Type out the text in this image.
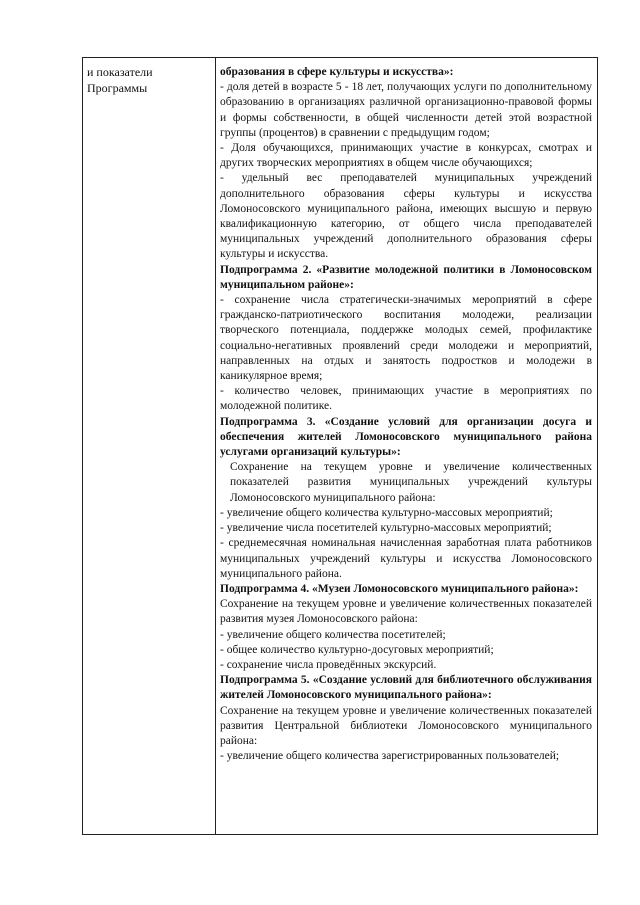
и показатели Программы

образования в сфере культуры и искусства»:

- доля детей в возрасте 5 - 18 лет, получающих услуги по дополнительному образованию в организациях различной организационно-правовой формы и формы собственности, в общей численности детей этой возрастной группы (процентов) в сравнении с предыдущим годом;

- Доля обучающихся, принимающих участие в конкурсах, смотрах и других творческих мероприятиях в общем числе обучающихся;

- удельный вес преподавателей муниципальных учреждений дополнительного образования сферы культуры и искусства Ломоносовского муниципального района, имеющих высшую и первую квалификационную категорию, от общего числа преподавателей муниципальных учреждений дополнительного образования сферы культуры и искусства.

Подпрограмма 2. «Развитие молодежной политики в Ломоносовском муниципальном районе»:

- сохранение числа стратегически-значимых мероприятий в сфере гражданско-патриотического воспитания молодежи, реализации творческого потенциала, поддержке молодых семей, профилактике социально-негативных проявлений среди молодежи и мероприятий, направленных на отдых и занятость подростков и молодежи в каникулярное время;

- количество человек, принимающих участие в мероприятиях по молодежной политике.

Подпрограмма 3. «Создание условий для организации досуга и обеспечения жителей Ломоносовского муниципального района услугами организаций культуры»:

Сохранение на текущем уровне и увеличение количественных показателей развития муниципальных учреждений культуры Ломоносовского муниципального района:

- увеличение общего количества культурно-массовых мероприятий;

- увеличение числа посетителей культурно-массовых мероприятий;

- среднемесячная номинальная начисленная заработная плата работников муниципальных учреждений культуры и искусства Ломоносовского муниципального района.

Подпрограмма 4. «Музеи Ломоносовского муниципального района»:

Сохранение на текущем уровне и увеличение количественных показателей развития музея Ломоносовского района:

- увеличение общего количества посетителей;

- общее количество культурно-досуговых мероприятий;

- сохранение числа проведённых экскурсий.

Подпрограмма 5. «Создание условий для библиотечного обслуживания жителей Ломоносовского муниципального района»:

Сохранение на текущем уровне и увеличение количественных показателей развития Центральной библиотеки Ломоносовского муниципального района:

- увеличение общего количества зарегистрированных пользователей;
